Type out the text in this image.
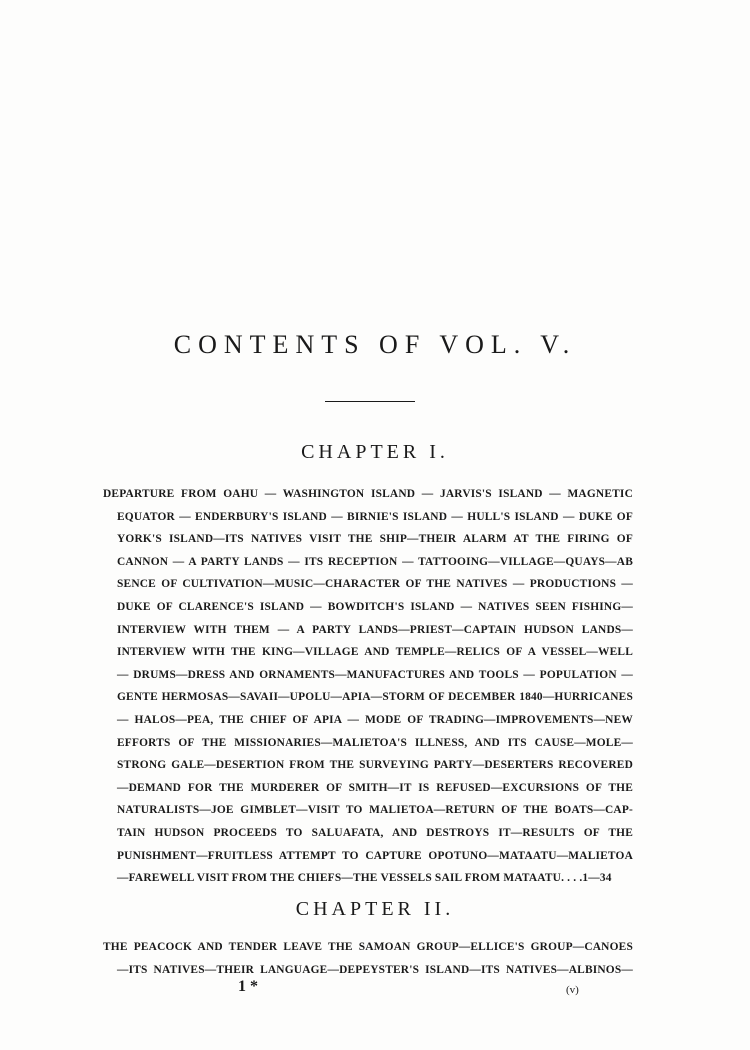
CONTENTS OF VOL. V.
CHAPTER I.
DEPARTURE FROM OAHU — WASHINGTON ISLAND — JARVIS'S ISLAND — MAGNETIC
EQUATOR — ENDERBURY'S ISLAND — BIRNIE'S ISLAND — HULL'S ISLAND — DUKE OF
YORK'S ISLAND—ITS NATIVES VISIT THE SHIP—THEIR ALARM AT THE FIRING OF
CANNON — A PARTY LANDS — ITS RECEPTION — TATTOOING—VILLAGE—QUAYS—AB
SENCE OF CULTIVATION—MUSIC—CHARACTER OF THE NATIVES — PRODUCTIONS —
DUKE OF CLARENCE'S ISLAND — BOWDITCH'S ISLAND — NATIVES SEEN FISHING—
INTERVIEW WITH THEM — A PARTY LANDS—PRIEST—CAPTAIN HUDSON LANDS—
INTERVIEW WITH THE KING—VILLAGE AND TEMPLE—RELICS OF A VESSEL—WELL
— DRUMS—DRESS AND ORNAMENTS—MANUFACTURES AND TOOLS — POPULATION —
GENTE HERMOSAS—SAVAII—UPOLU—APIA—STORM OF DECEMBER 1840—HURRICANES
— HALOS—PEA, THE CHIEF OF APIA — MODE OF TRADING—IMPROVEMENTS—NEW
EFFORTS OF THE MISSIONARIES—MALIETOA'S ILLNESS, AND ITS CAUSE—MOLE—
STRONG GALE—DESERTION FROM THE SURVEYING PARTY—DESERTERS RECOVERED
—DEMAND FOR THE MURDERER OF SMITH—IT IS REFUSED—EXCURSIONS OF THE
NATURALISTS—JOE GIMBLET—VISIT TO MALIETOA—RETURN OF THE BOATS—CAP-
TAIN HUDSON PROCEEDS TO SALUAFATA, AND DESTROYS IT—RESULTS OF THE
PUNISHMENT—FRUITLESS ATTEMPT TO CAPTURE OPOTUNO—MATAATU—MALIETOA
—FAREWELL VISIT FROM THE CHIEFS—THE VESSELS SAIL FROM MATAATU. . . .1—34
CHAPTER II.
THE PEACOCK AND TENDER LEAVE THE SAMOAN GROUP—ELLICE'S GROUP—CANOES
—ITS NATIVES—THEIR LANGUAGE—DEPEYSTER'S ISLAND—ITS NATIVES—ALBINOS—
1 *	(v)
